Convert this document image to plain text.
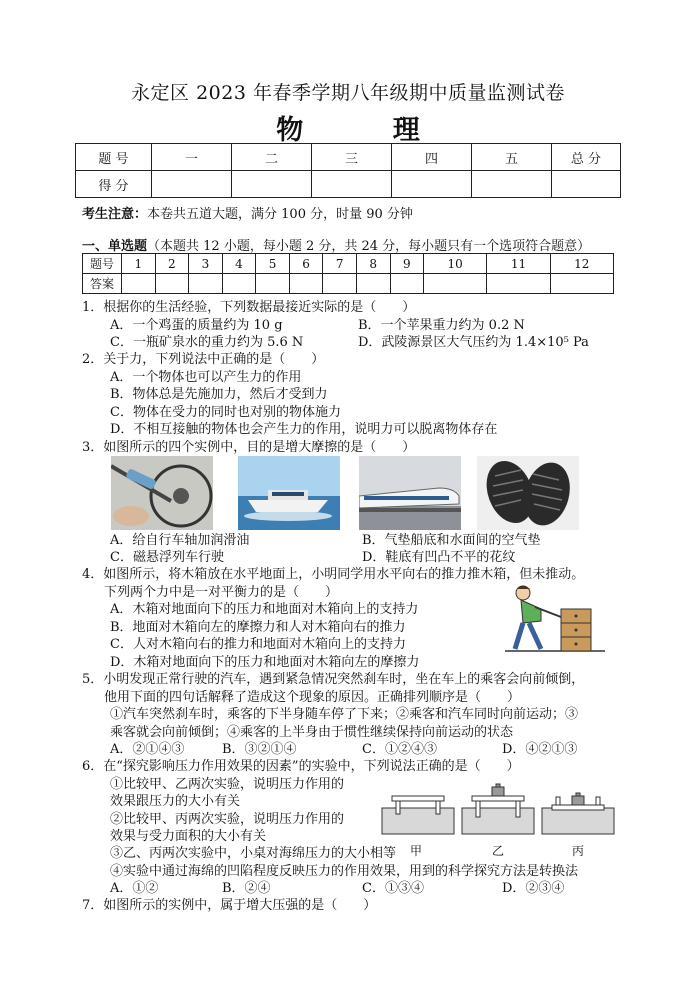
永定区 2023 年春季学期八年级期中质量监测试卷
物 理
题 号	一	二	三	四	五	总 分
得 分						
考生注意：本卷共五道大题，满分 100 分，时量 90 分钟
一、单选题（本题共 12 小题，每小题 2 分，共 24 分，每小题只有一个选项符合题意）
题号	1	2	3	4	5	6	7	8	9	10	11	12
答案												
1．根据你的生活经验，下列数据最接近实际的是（　　）
A．一个鸡蛋的质量约为 10 g	B．一个苹果重力约为 0.2 N
C．一瓶矿泉水的重力约为 5.6 N	D．武陵源景区大气压约为 1.4×10⁵ Pa
2．关于力，下列说法中正确的是（　　）
A．一个物体也可以产生力的作用
B．物体总是先施加力，然后才受到力
C．物体在受力的同时也对别的物体施力
D．不相互接触的物体也会产生力的作用，说明力可以脱离物体存在
3．如图所示的四个实例中，目的是增大摩擦的是（　　）
A．给自行车轴加润滑油	B．气垫船底和水面间的空气垫
C．磁悬浮列车行驶	D．鞋底有凹凸不平的花纹
4．如图所示，将木箱放在水平地面上，小明同学用水平向右的推力推木箱，但未推动。
下列两个力中是一对平衡力的是（　　）
A．木箱对地面向下的压力和地面对木箱向上的支持力
B．地面对木箱向左的摩擦力和人对木箱向右的推力
C．人对木箱向右的推力和地面对木箱向上的支持力
D．木箱对地面向下的压力和地面对木箱向左的摩擦力
5．小明发现正常行驶的汽车，遇到紧急情况突然刹车时，坐在车上的乘客会向前倾倒，
他用下面的四句话解释了造成这个现象的原因。正确排列顺序是（　　）
①汽车突然刹车时，乘客的下半身随车停了下来；②乘客和汽车同时向前运动；③
乘客就会向前倾倒；④乘客的上半身由于惯性继续保持向前运动的状态
A．②①④③	B．③②①④	C．①②④③	D．④②①③
6．在“探究影响压力作用效果的因素”的实验中，下列说法正确的是（　　）
①比较甲、乙两次实验，说明压力作用的
效果跟压力的大小有关
②比较甲、丙两次实验，说明压力作用的
效果与受力面积的大小有关
③乙、丙两次实验中，小桌对海绵压力的大小相等
④实验中通过海绵的凹陷程度反映压力的作用效果，用到的科学探究方法是转换法
A．①②	B．②④	C．①③④	D．②③④
甲	乙	丙
7．如图所示的实例中，属于增大压强的是（　　）
